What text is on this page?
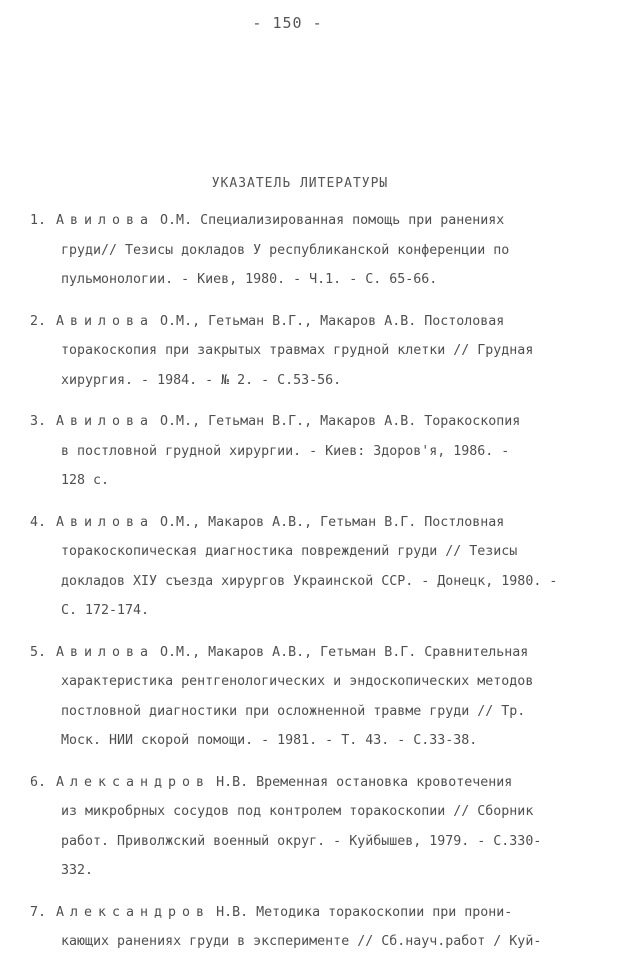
- 150 -
УКАЗАТЕЛЬ ЛИТЕРАТУРЫ
1. Авилова О.М. Специализированная помощь при ранениях
груди// Тезисы докладов У республиканской конференции по
пульмонологии. - Киев, 1980. - Ч.1. - С. 65-66.
2. Авилова О.М., Гетьман В.Г., Макаров А.В. Постоловая
торакоскопия при закрытых травмах грудной клетки // Грудная
хирургия. - 1984. - № 2. - С.53-56.
3. Авилова О.М., Гетьман В.Г., Макаров А.В. Торакоскопия
в постловной грудной хирургии. - Киев: Здоров'я, 1986. -
128 с.
4. Авилова О.М., Макаров А.В., Гетьман В.Г. Постловная
торакоскопическая диагностика повреждений груди // Тезисы
докладов XIУ съезда хирургов Украинской ССР. - Донецк, 1980. -
С. 172-174.
5. Авилова О.М., Макаров А.В., Гетьман В.Г. Сравнительная
характеристика рентгенологических и эндоскопических методов
постловной диагностики при осложненной травме груди // Тр.
Моск. НИИ скорой помощи. - 1981. - Т. 43. - С.33-38.
6. Александров Н.В. Временная остановка кровотечения
из микробрных сосудов под контролем торакоскопии // Сборник
работ. Приволжский военный округ. - Куйбышев, 1979. - С.330-
332.
7. Александров Н.В. Методика торакоскопии при прони-
кающих ранениях груди в эксперименте // Сб.науч.работ / Куй-
